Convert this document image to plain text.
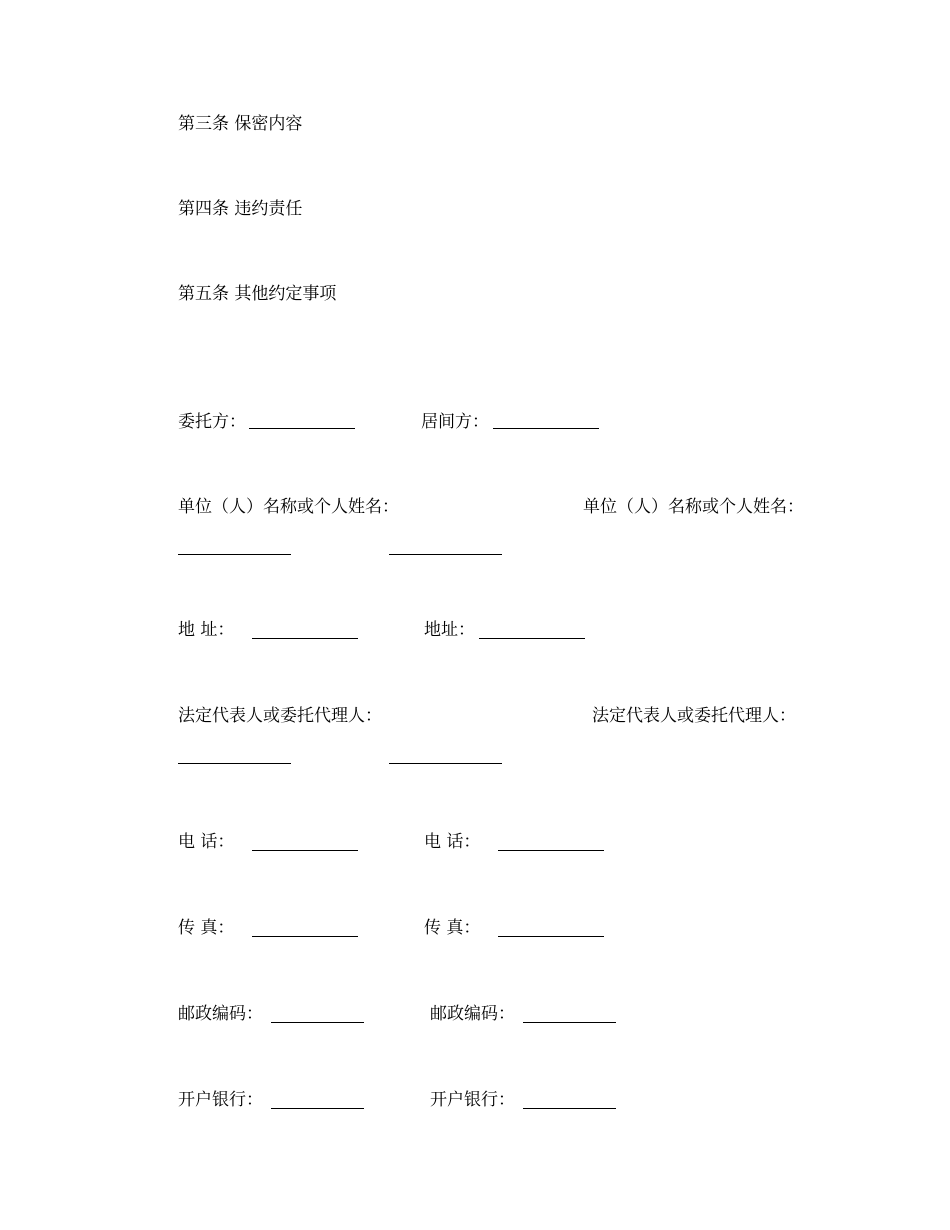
第三条 保密内容
第四条 违约责任
第五条 其他约定事项
委托方：	居间方：
单位（人）名称或个人姓名：	单位（人）名称或个人姓名：
地 址：	地址：
法定代表人或委托代理人：	法定代表人或委托代理人：
电 话：	电 话：
传 真：	传 真：
邮政编码：	邮政编码：
开户银行：	开户银行：
